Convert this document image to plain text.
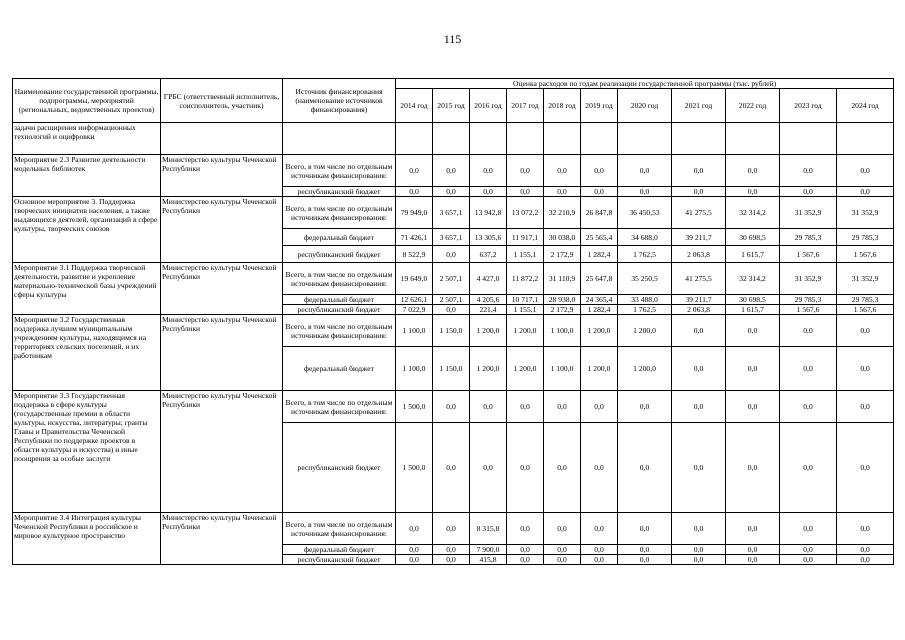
115
Наименование государственной программы, подпрограммы, мероприятий (региональных, ведомственных проектов)	ГРБС (ответственный исполнитель, соисполнитель, участник)	Источник финансирования (наименование источников финансирования)	Оценка расходов по годам реализации государственной программы (тыс. рублей)										
			2014 год	2015 год	2016 год	2017 год	2018 год	2019 год	2020 год	2021 год	2022 год	2023 год	2024 год
задачи расширения информационных технологий и оцифровки													
Мероприятие 2.3 Развитие деятельности модельных библиотек	Министерство культуры Чеченской Республики	Всего, в том числе по отдельным источникам финансирования:	0,0	0,0	0,0	0,0	0,0	0,0	0,0	0,0	0,0	0,0	0,0
		республиканский бюджет	0,0	0,0	0,0	0,0	0,0	0,0	0,0	0,0	0,0	0,0	0,0
Основное мероприятие 3. Поддержка творческих инициатив населения, а также выдающихся деятелей, организаций в сфере культуры, творческих союзов	Министерство культуры Чеченской Республики	Всего, в том числе по отдельным источникам финансирования:	79 949,0	3 657,1	13 942,8	13 072,2	32 210,9	26 847,8	36 450,53	41 275,5	32 314,2	31 352,9	31 352,9
		федеральный бюджет	71 426,1	3 657,1	13 305,6	11 917,1	30 038,0	25 565,4	34 688,0	39 211,7	30 698,5	29 785,3	29 785,3
		республиканский бюджет	8 522,9	0,0	637,2	1 155,1	2 172,9	1 282,4	1 762,5	2 063,8	1 615,7	1 567,6	1 567,6
Мероприятие 3.1 Поддержка творческой деятельности, развитие и укрепление материально-технической базы учреждений сферы культуры	Министерство культуры Чеченской Республики	Всего, в том числе по отдельным источникам финансирования:	19 649,0	2 507,1	4 427,0	11 872,2	31 110,9	25 647,8	35 250,5	41 275,5	32 314,2	31 352,9	31 352,9
		федеральный бюджет	12 626,1	2 507,1	4 205,6	10 717,1	28 938,0	24 365,4	33 488,0	39 211,7	30 698,5	29 785,3	29 785,3
		республиканский бюджет	7 022,9	0,0	221,4	1 155,1	2 172,9	1 282,4	1 762,5	2 063,8	1 615,7	1 567,6	1 567,6
Мероприятие 3.2 Государственная поддержка лучшим муниципальным учреждениям культуры, находящимся на территориях сельских поселений, и их работникам	Министерство культуры Чеченской Республики	Всего, в том числе по отдельным источникам финансирования:	1 100,0	1 150,0	1 200,0	1 200,0	1 100,0	1 200,0	1 200,0	0,0	0,0	0,0	0,0
		федеральный бюджет	1 100,0	1 150,0	1 200,0	1 200,0	1 100,0	1 200,0	1 200,0	0,0	0,0	0,0	0,0
Мероприятие 3.3 Государственная поддержка в сфере культуры (государственные премии в области культуры, искусства, литературы; гранты Главы и Правительства Чеченской Республики по поддержке проектов в области культуры и искусства) и иные поощрения за особые заслуги	Министерство культуры Чеченской Республики	Всего, в том числе по отдельным источникам финансирования:	1 500,0	0,0	0,0	0,0	0,0	0,0	0,0	0,0	0,0	0,0	0,0
		республиканский бюджет	1 500,0	0,0	0,0	0,0	0,0	0,0	0,0	0,0	0,0	0,0	0,0
Мероприятие 3.4 Интеграция культуры Чеченской Республики в российское и мировое культурное пространство	Министерство культуры Чеченской Республики	Всего, в том числе по отдельным источникам финансирования:	0,0	0,0	8 315,8	0,0	0,0	0,0	0,0	0,0	0,0	0,0	0,0
		федеральный бюджет	0,0	0,0	7 900,0	0,0	0,0	0,0	0,0	0,0	0,0	0,0	0,0
		республиканский бюджет	0,0	0,0	415,8	0,0	0,0	0,0	0,0	0,0	0,0	0,0	0,0
